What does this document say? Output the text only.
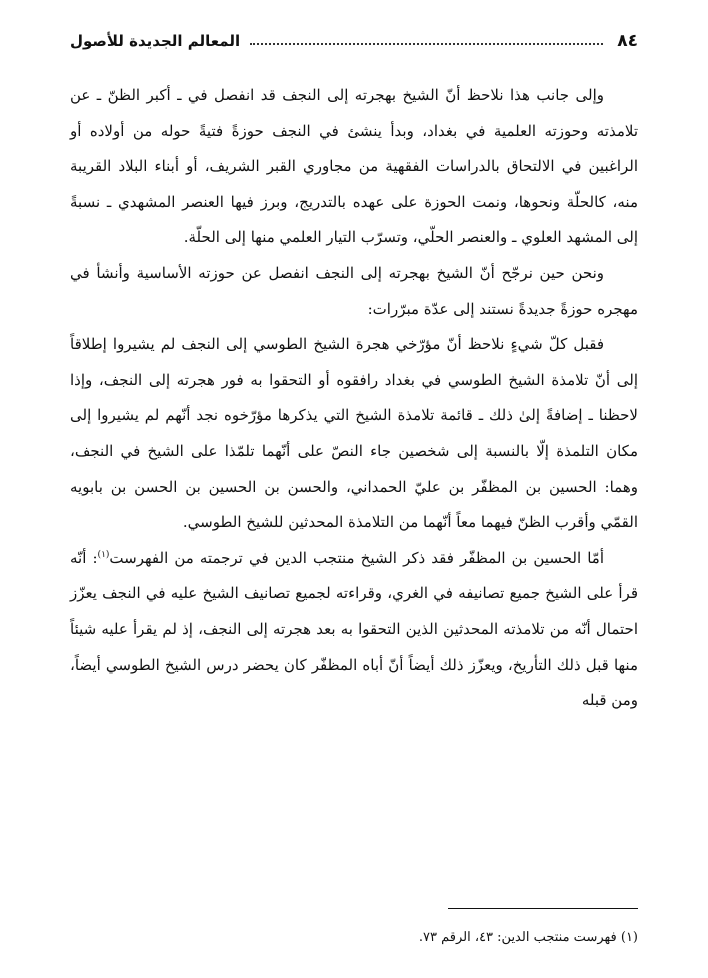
٨٤
المعالم الجديدة للأصول

وإلى جانب هذا نلاحظ أنّ الشيخ بهجرته إلى النجف قد انفصل في ـ أكبر الظنّ ـ عن تلامذته وحوزته العلمية في بغداد، وبدأ ينشئ في النجف حوزةً فتيةً حوله من أولاده أو الراغبين في الالتحاق بالدراسات الفقهية من مجاوري القبر الشريف، أو أبناء البلاد القريبة منه، كالحلّة ونحوها، ونمت الحوزة على عهده بالتدريج، وبرز فيها العنصر المشهدي ـ نسبةً إلى المشهد العلوي ـ والعنصر الحلّي، وتسرّب التيار العلمي منها إلى الحلّة.

ونحن حين نرجّح أنّ الشيخ بهجرته إلى النجف انفصل عن حوزته الأساسية وأنشأ في مهجره حوزةً جديدةً نستند إلى عدّة مبرّرات:

فقبل كلّ شيءٍ نلاحظ أنّ مؤرّخي هجرة الشيخ الطوسي إلى النجف لم يشيروا إطلاقاً إلى أنّ تلامذة الشيخ الطوسي في بغداد رافقوه أو التحقوا به فور هجرته إلى النجف، وإذا لاحظنا ـ إضافةً إلىٰ ذلك ـ قائمة تلامذة الشيخ التي يذكرها مؤرّخوه نجد أنّهم لم يشيروا إلى مكان التلمذة إلّا بالنسبة إلى شخصين جاء النصّ على أنّهما تلمّذا على الشيخ في النجف، وهما: الحسين بن المظفّر بن عليّ الحمداني، والحسن بن الحسين بن الحسن بن بابويه القمّي وأقرب الظنّ فيهما معاً أنّهما من التلامذة المحدثين للشيخ الطوسي.

أمّا الحسين بن المظفّر فقد ذكر الشيخ منتجب الدين في ترجمته من الفهرست$^{(١)}$: أنّه قرأ على الشيخ جميع تصانيفه في الغري، وقراءته لجميع تصانيف الشيخ عليه في النجف يعزّز احتمال أنّه من تلامذته المحدثين الذين التحقوا به بعد هجرته إلى النجف، إذ لم يقرأ عليه شيئاً منها قبل ذلك التأريخ، ويعزّز ذلك أيضاً أنّ أباه المظفّر كان يحضر درس الشيخ الطوسي أيضاً، ومن قبله

(١) فهرست منتجب الدين: ٤٣، الرقم ٧٣.
